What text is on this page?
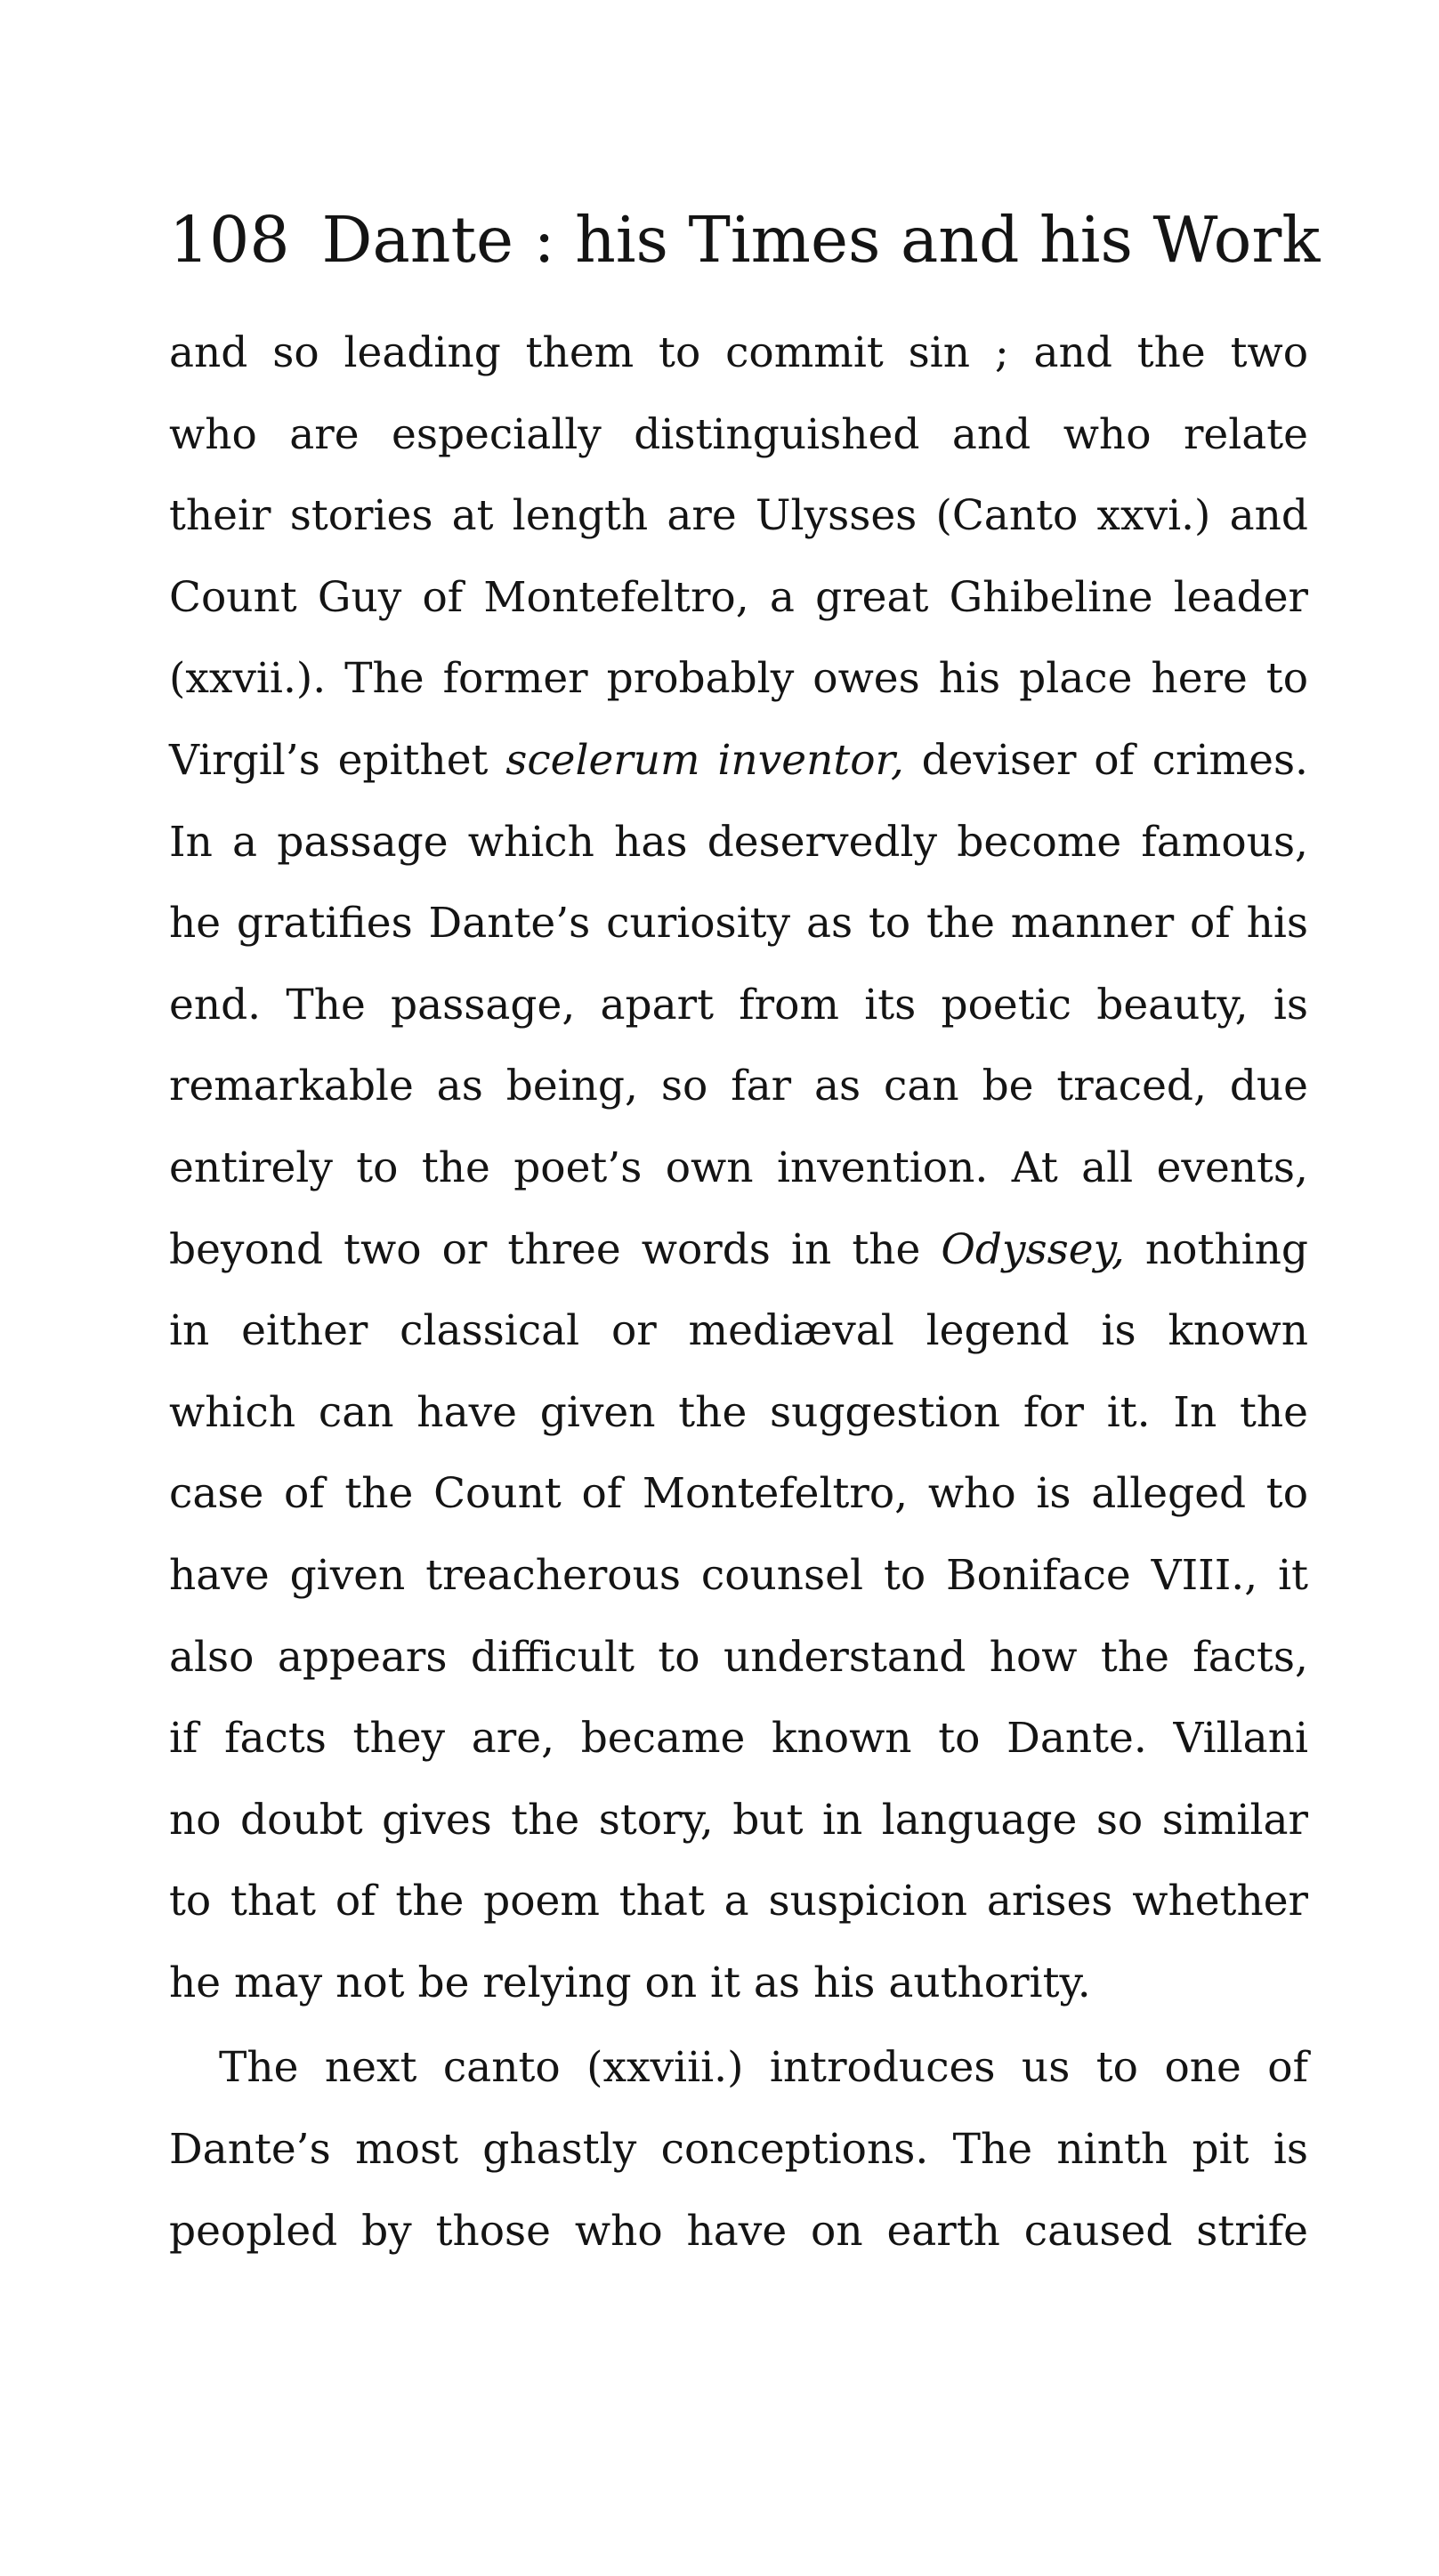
108 Dante : his Times and his Work

and so leading them to commit sin ; and the two
who are especially distinguished and who relate
their stories at length are Ulysses (Canto xxvi.) and
Count Guy of Montefeltro, a great Ghibeline leader
(xxvii.). The former probably owes his place here to
Virgil’s epithet scelerum inventor, deviser of crimes.
In a passage which has deservedly become famous,
he gratifies Dante’s curiosity as to the manner of his
end. The passage, apart from its poetic beauty, is
remarkable as being, so far as can be traced, due
entirely to the poet’s own invention. At all events,
beyond two or three words in the Odyssey, nothing
in either classical or mediæval legend is known
which can have given the suggestion for it. In the
case of the Count of Montefeltro, who is alleged to
have given treacherous counsel to Boniface VIII., it
also appears difficult to understand how the facts,
if facts they are, became known to Dante. Villani
no doubt gives the story, but in language so similar
to that of the poem that a suspicion arises whether
he may not be relying on it as his authority.

The next canto (xxviii.) introduces us to one of
Dante’s most ghastly conceptions. The ninth pit is
peopled by those who have on earth caused strife
